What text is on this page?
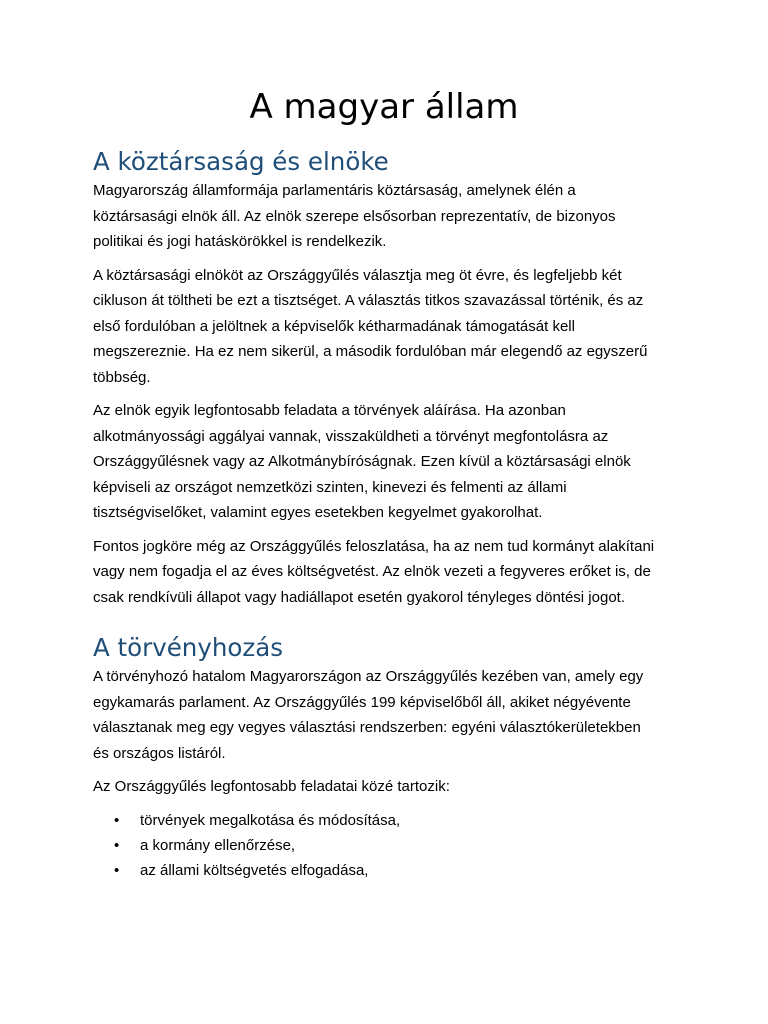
A magyar állam
A köztársaság és elnöke

Magyarország államformája parlamentáris köztársaság, amelynek élén a
köztársasági elnök áll. Az elnök szerepe elsősorban reprezentatív, de bizonyos
politikai és jogi hatáskörökkel is rendelkezik.

A köztársasági elnököt az Országgyűlés választja meg öt évre, és legfeljebb két
cikluson át töltheti be ezt a tisztséget. A választás titkos szavazással történik, és az
első fordulóban a jelöltnek a képviselők kétharmadának támogatását kell
megszereznie. Ha ez nem sikerül, a második fordulóban már elegendő az egyszerű
többség.

Az elnök egyik legfontosabb feladata a törvények aláírása. Ha azonban
alkotmányossági aggályai vannak, visszaküldheti a törvényt megfontolásra az
Országgyűlésnek vagy az Alkotmánybíróságnak. Ezen kívül a köztársasági elnök
képviseli az országot nemzetközi szinten, kinevezi és felmenti az állami
tisztségviselőket, valamint egyes esetekben kegyelmet gyakorolhat.

Fontos jogköre még az Országgyűlés feloszlatása, ha az nem tud kormányt alakítani
vagy nem fogadja el az éves költségvetést. Az elnök vezeti a fegyveres erőket is, de
csak rendkívüli állapot vagy hadiállapot esetén gyakorol tényleges döntési jogot.

A törvényhozás

A törvényhozó hatalom Magyarországon az Országgyűlés kezében van, amely egy
egykamarás parlament. Az Országgyűlés 199 képviselőből áll, akiket négyévente
választanak meg egy vegyes választási rendszerben: egyéni választókerületekben
és országos listáról.

Az Országgyűlés legfontosabb feladatai közé tartozik:

• törvények megalkotása és módosítása,
• a kormány ellenőrzése,
• az állami költségvetés elfogadása,
